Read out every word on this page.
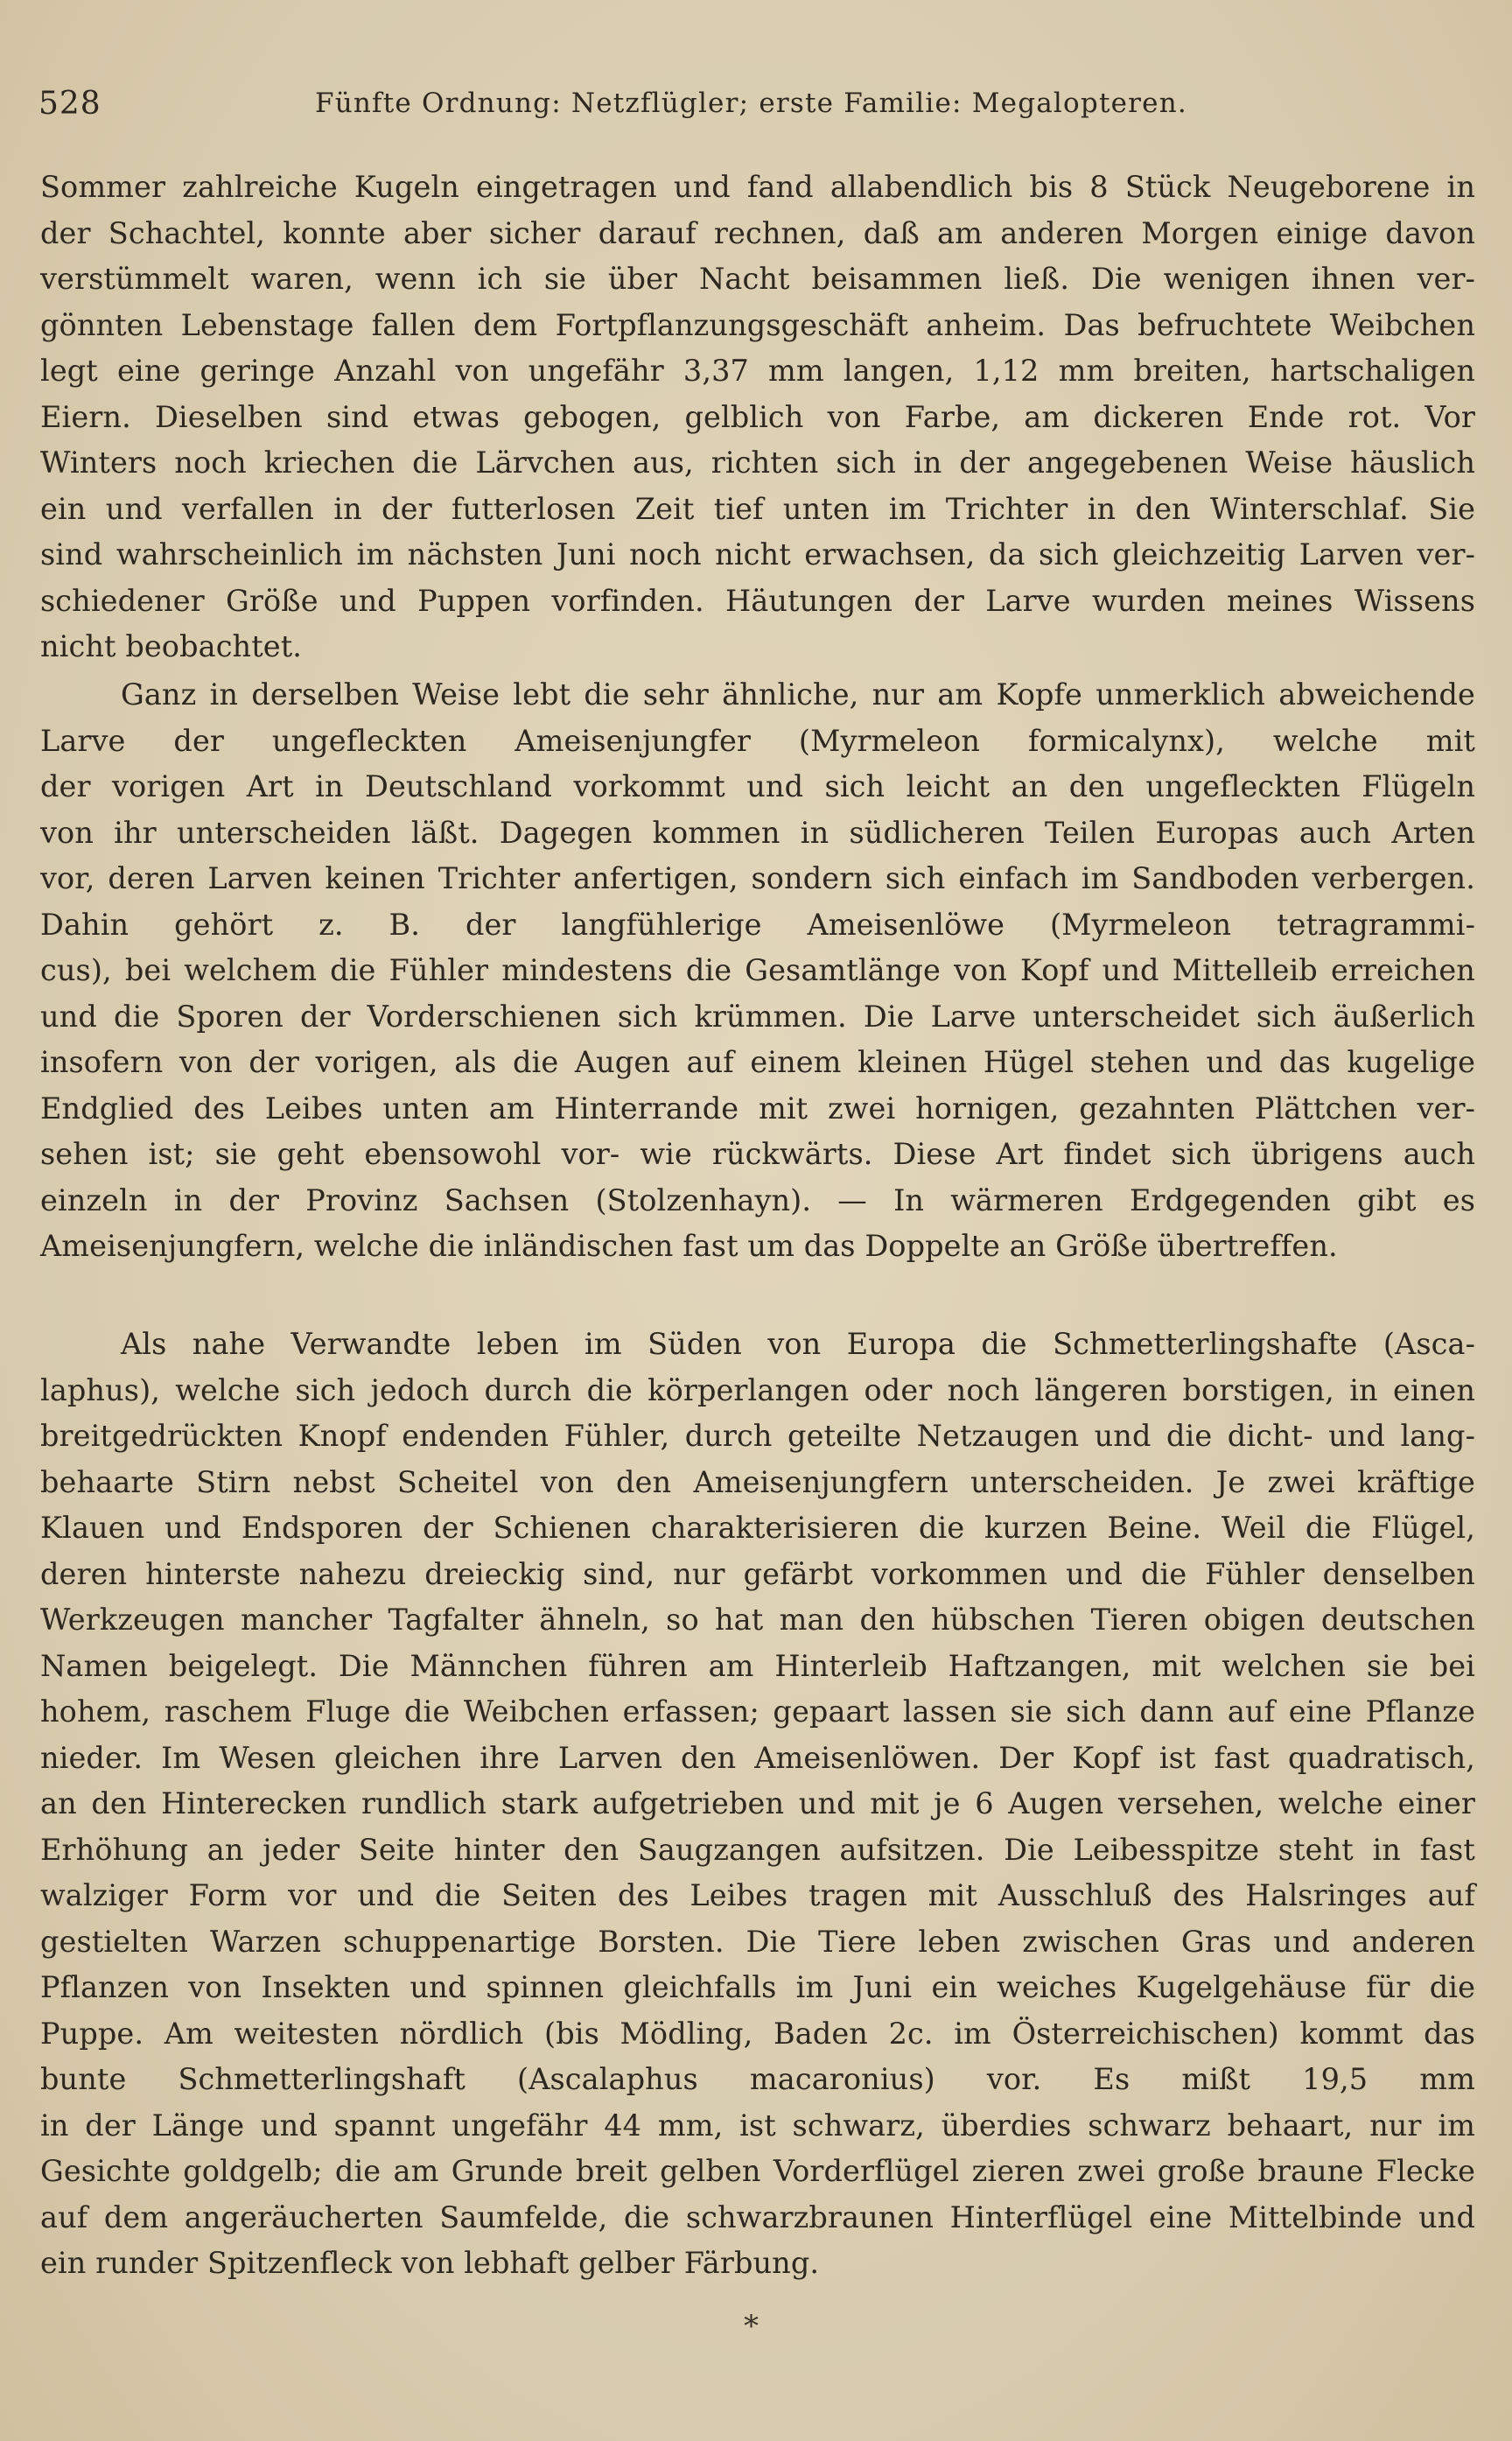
528	Fünfte Ordnung: Netzflügler; erste Familie: Megalopteren.
Sommer zahlreiche Kugeln eingetragen und fand allabendlich bis 8 Stück Neugeborene in
der Schachtel, konnte aber sicher darauf rechnen, daß am anderen Morgen einige davon
verstümmelt waren, wenn ich sie über Nacht beisammen ließ. Die wenigen ihnen ver-
gönnten Lebenstage fallen dem Fortpflanzungsgeschäft anheim. Das befruchtete Weibchen
legt eine geringe Anzahl von ungefähr 3,37 mm langen, 1,12 mm breiten, hartschaligen
Eiern. Dieselben sind etwas gebogen, gelblich von Farbe, am dickeren Ende rot. Vor
Winters noch kriechen die Lärvchen aus, richten sich in der angegebenen Weise häuslich
ein und verfallen in der futterlosen Zeit tief unten im Trichter in den Winterschlaf. Sie
sind wahrscheinlich im nächsten Juni noch nicht erwachsen, da sich gleichzeitig Larven ver-
schiedener Größe und Puppen vorfinden. Häutungen der Larve wurden meines Wissens
nicht beobachtet.
Ganz in derselben Weise lebt die sehr ähnliche, nur am Kopfe unmerklich abweichende
Larve der ungefleckten Ameisenjungfer (Myrmeleon formicalynx), welche mit
der vorigen Art in Deutschland vorkommt und sich leicht an den ungefleckten Flügeln
von ihr unterscheiden läßt. Dagegen kommen in südlicheren Teilen Europas auch Arten
vor, deren Larven keinen Trichter anfertigen, sondern sich einfach im Sandboden verbergen.
Dahin gehört z. B. der langfühlerige Ameisenlöwe (Myrmeleon tetragrammi-
cus), bei welchem die Fühler mindestens die Gesamtlänge von Kopf und Mittelleib erreichen
und die Sporen der Vorderschienen sich krümmen. Die Larve unterscheidet sich äußerlich
insofern von der vorigen, als die Augen auf einem kleinen Hügel stehen und das kugelige
Endglied des Leibes unten am Hinterrande mit zwei hornigen, gezahnten Plättchen ver-
sehen ist; sie geht ebensowohl vor- wie rückwärts. Diese Art findet sich übrigens auch
einzeln in der Provinz Sachsen (Stolzenhayn). — In wärmeren Erdgegenden gibt es
Ameisenjungfern, welche die inländischen fast um das Doppelte an Größe übertreffen.
Als nahe Verwandte leben im Süden von Europa die Schmetterlingshafte (Asca-
laphus), welche sich jedoch durch die körperlangen oder noch längeren borstigen, in einen
breitgedrückten Knopf endenden Fühler, durch geteilte Netzaugen und die dicht- und lang-
behaarte Stirn nebst Scheitel von den Ameisenjungfern unterscheiden. Je zwei kräftige
Klauen und Endsporen der Schienen charakterisieren die kurzen Beine. Weil die Flügel,
deren hinterste nahezu dreieckig sind, nur gefärbt vorkommen und die Fühler denselben
Werkzeugen mancher Tagfalter ähneln, so hat man den hübschen Tieren obigen deutschen
Namen beigelegt. Die Männchen führen am Hinterleib Haftzangen, mit welchen sie bei
hohem, raschem Fluge die Weibchen erfassen; gepaart lassen sie sich dann auf eine Pflanze
nieder. Im Wesen gleichen ihre Larven den Ameisenlöwen. Der Kopf ist fast quadratisch,
an den Hinterecken rundlich stark aufgetrieben und mit je 6 Augen versehen, welche einer
Erhöhung an jeder Seite hinter den Saugzangen aufsitzen. Die Leibesspitze steht in fast
walziger Form vor und die Seiten des Leibes tragen mit Ausschluß des Halsringes auf
gestielten Warzen schuppenartige Borsten. Die Tiere leben zwischen Gras und anderen
Pflanzen von Insekten und spinnen gleichfalls im Juni ein weiches Kugelgehäuse für die
Puppe. Am weitesten nördlich (bis Mödling, Baden 2c. im Österreichischen) kommt das
bunte Schmetterlingshaft (Ascalaphus macaronius) vor. Es mißt 19,5 mm
in der Länge und spannt ungefähr 44 mm, ist schwarz, überdies schwarz behaart, nur im
Gesichte goldgelb; die am Grunde breit gelben Vorderflügel zieren zwei große braune Flecke
auf dem angeräucherten Saumfelde, die schwarzbraunen Hinterflügel eine Mittelbinde und
ein runder Spitzenfleck von lebhaft gelber Färbung.
*
